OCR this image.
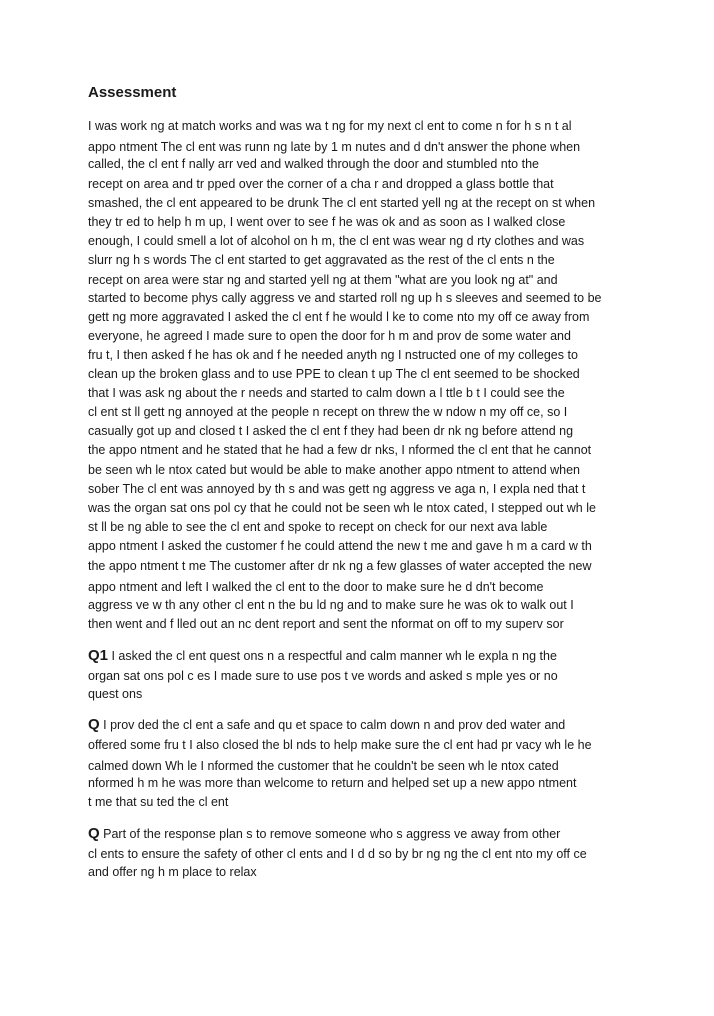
Assessment
I was work ng at match works and was wa t ng for my next cl ent to come n for h s n t al
appo ntment The cl ent was runn ng late by 1 m nutes and d dn't answer the phone when
called, the cl ent f nally arr ved and walked through the door and stumbled nto the
recept on area and tr pped over the corner of a cha r and dropped a glass bottle that
smashed, the cl ent appeared to be drunk The cl ent started yell ng at the recept on st when
they tr ed to help h m up, I went over to see f he was ok and as soon as I walked close
enough, I could smell a lot of alcohol on h m, the cl ent was wear ng d rty clothes and was
slurr ng h s words The cl ent started to get aggravated as the rest of the cl ents n the
recept on area were star ng and started yell ng at them "what are you look ng at" and
started to become phys cally aggress ve and started roll ng up h s sleeves and seemed to be
gett ng more aggravated I asked the cl ent f he would l ke to come nto my off ce away from
everyone, he agreed I made sure to open the door for h m and prov de some water and
fru t, I then asked f he has ok and f he needed anyth ng I nstructed one of my colleges to
clean up the broken glass and to use PPE to clean t up The cl ent seemed to be shocked
that I was ask ng about the r needs and started to calm down a l ttle b t I could see the
cl ent st ll gett ng annoyed at the people n recept on threw the w ndow n my off ce, so I
casually got up and closed t I asked the cl ent f they had been dr nk ng before attend ng
the appo ntment and he stated that he had a few dr nks, I nformed the cl ent that he cannot
be seen wh le ntox cated but would be able to make another appo ntment to attend when
sober The cl ent was annoyed by th s and was gett ng aggress ve aga n, I expla ned that t
was the organ sat ons pol cy that he could not be seen wh le ntox cated, I stepped out wh le
st ll be ng able to see the cl ent and spoke to recept on check for our next ava lable
appo ntment I asked the customer f he could attend the new t me and gave h m a card w th
the appo ntment t me The customer after dr nk ng a few glasses of water accepted the new
appo ntment and left I walked the cl ent to the door to make sure he d dn't become
aggress ve w th any other cl ent n the bu ld ng and to make sure he was ok to walk out I
then went and f lled out an nc dent report and sent the nformat on off to my superv sor
Q1 I asked the cl ent quest ons n a respectful and calm manner wh le expla n ng the
organ sat ons pol c es I made sure to use pos t ve words and asked s mple yes or no
quest ons
Q I prov ded the cl ent a safe and qu et space to calm down n and prov ded water and
offered some fru t I also closed the bl nds to help make sure the cl ent had pr vacy wh le he
calmed down Wh le I nformed the customer that he couldn't be seen wh le ntox cated
nformed h m he was more than welcome to return and helped set up a new appo ntment
t me that su ted the cl ent
Q Part of the response plan s to remove someone who s aggress ve away from other
cl ents to ensure the safety of other cl ents and I d d so by br ng ng the cl ent nto my off ce
and offer ng h m place to relax
